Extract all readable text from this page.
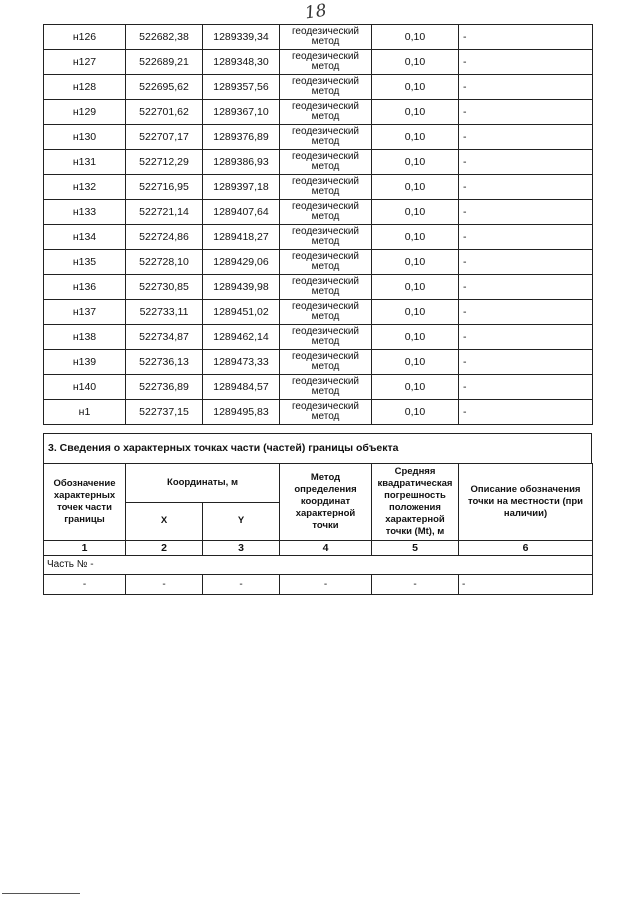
18
н126	522682,38	1289339,34	геодезический метод	0,10	-
н127	522689,21	1289348,30	геодезический метод	0,10	-
н128	522695,62	1289357,56	геодезический метод	0,10	-
н129	522701,62	1289367,10	геодезический метод	0,10	-
н130	522707,17	1289376,89	геодезический метод	0,10	-
н131	522712,29	1289386,93	геодезический метод	0,10	-
н132	522716,95	1289397,18	геодезический метод	0,10	-
н133	522721,14	1289407,64	геодезический метод	0,10	-
н134	522724,86	1289418,27	геодезический метод	0,10	-
н135	522728,10	1289429,06	геодезический метод	0,10	-
н136	522730,85	1289439,98	геодезический метод	0,10	-
н137	522733,11	1289451,02	геодезический метод	0,10	-
н138	522734,87	1289462,14	геодезический метод	0,10	-
н139	522736,13	1289473,33	геодезический метод	0,10	-
н140	522736,89	1289484,57	геодезический метод	0,10	-
н1	522737,15	1289495,83	геодезический метод	0,10	-
3. Сведения о характерных точках части (частей) границы объекта
Обозначение характерных точек части границы	Координаты, м		Метод определения координат характерной точки	Средняя квадратическая погрешность положения характерной точки (Mt), м	Описание обозначения точки на местности (при наличии)
	X	Y			
1	2	3	4	5	6
Часть № -					
-	-	-	-	-	-
